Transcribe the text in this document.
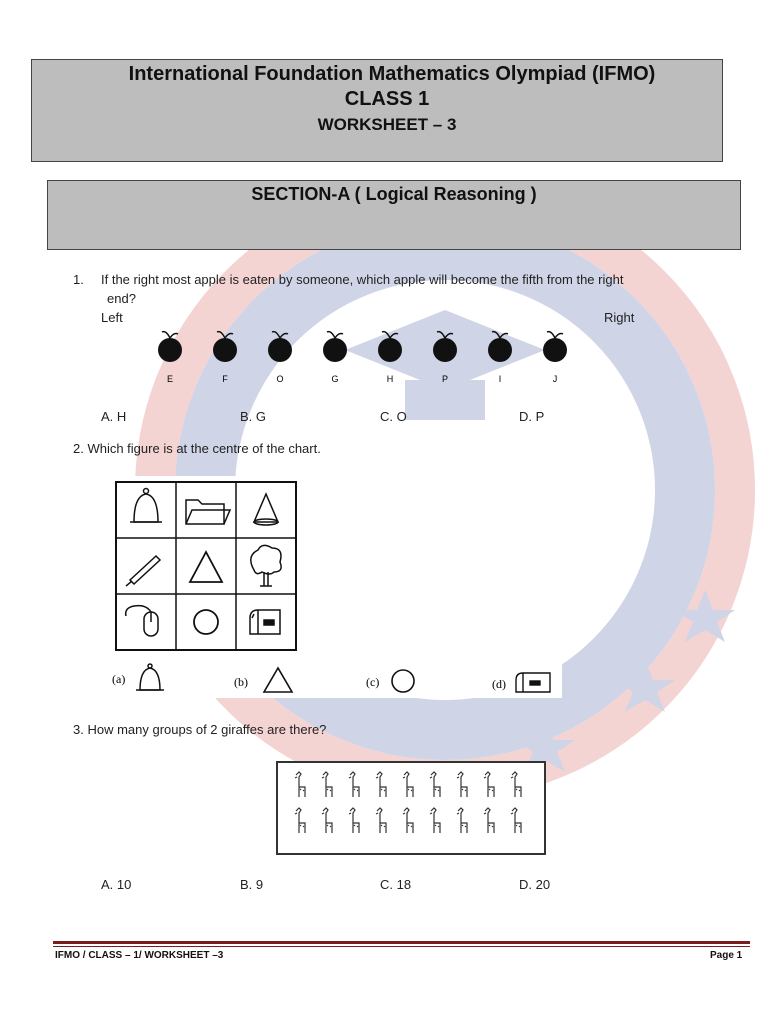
International Foundation Mathematics Olympiad (IFMO)
CLASS 1
WORKSHEET – 3
SECTION-A ( Logical Reasoning )
1. If the right most apple is eaten by someone, which apple will become the fifth from the right
end?
Left	Right
E	F	O	G	H	P	I	J
A. H	B. G	C. O	D. P
2. Which figure is at the centre of the chart.
(a)	(b)	(c)	(d)
3. How many groups of 2 giraffes are there?
A. 10	B. 9	C. 18	D. 20
IFMO / CLASS – 1/ WORKSHEET –3	Page 1
